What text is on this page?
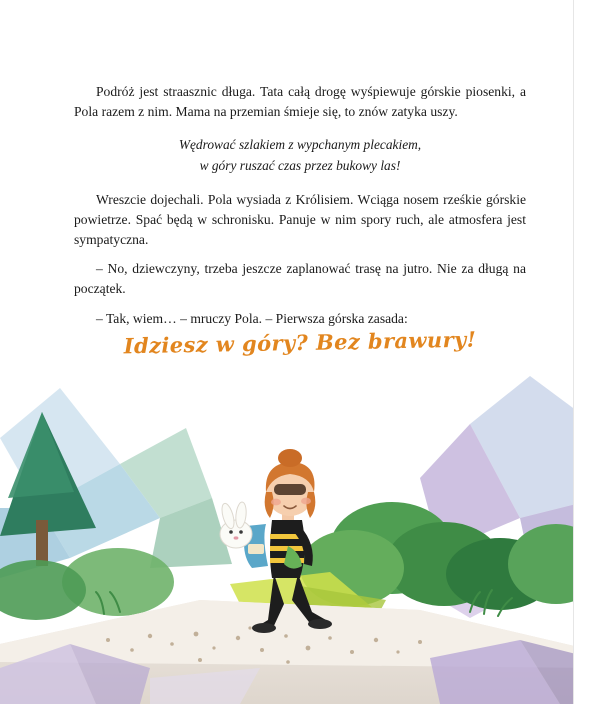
Podróż jest straasznic długa. Tata całą drogę wyśpiewuje górskie piosenki, a Pola razem z nim. Mama na przemian śmieje się, to znów zatyka uszy.

Wędrować szlakiem z wypchanym plecakiem,
w góry ruszać czas przez bukowy las!

Wreszcie dojechali. Pola wysiada z Królisiem. Wciąga nosem rześkie górskie powietrze. Spać będą w schronisku. Panuje w nim spory ruch, ale atmosfera jest sympatyczna.

– No, dziewczyny, trzeba jeszcze zaplanować trasę na jutro. Nie za długą na początek.

– Tak, wiem… – mruczy Pola. – Pierwsza górska zasada:

Idziesz w góry? Bez brawury!
